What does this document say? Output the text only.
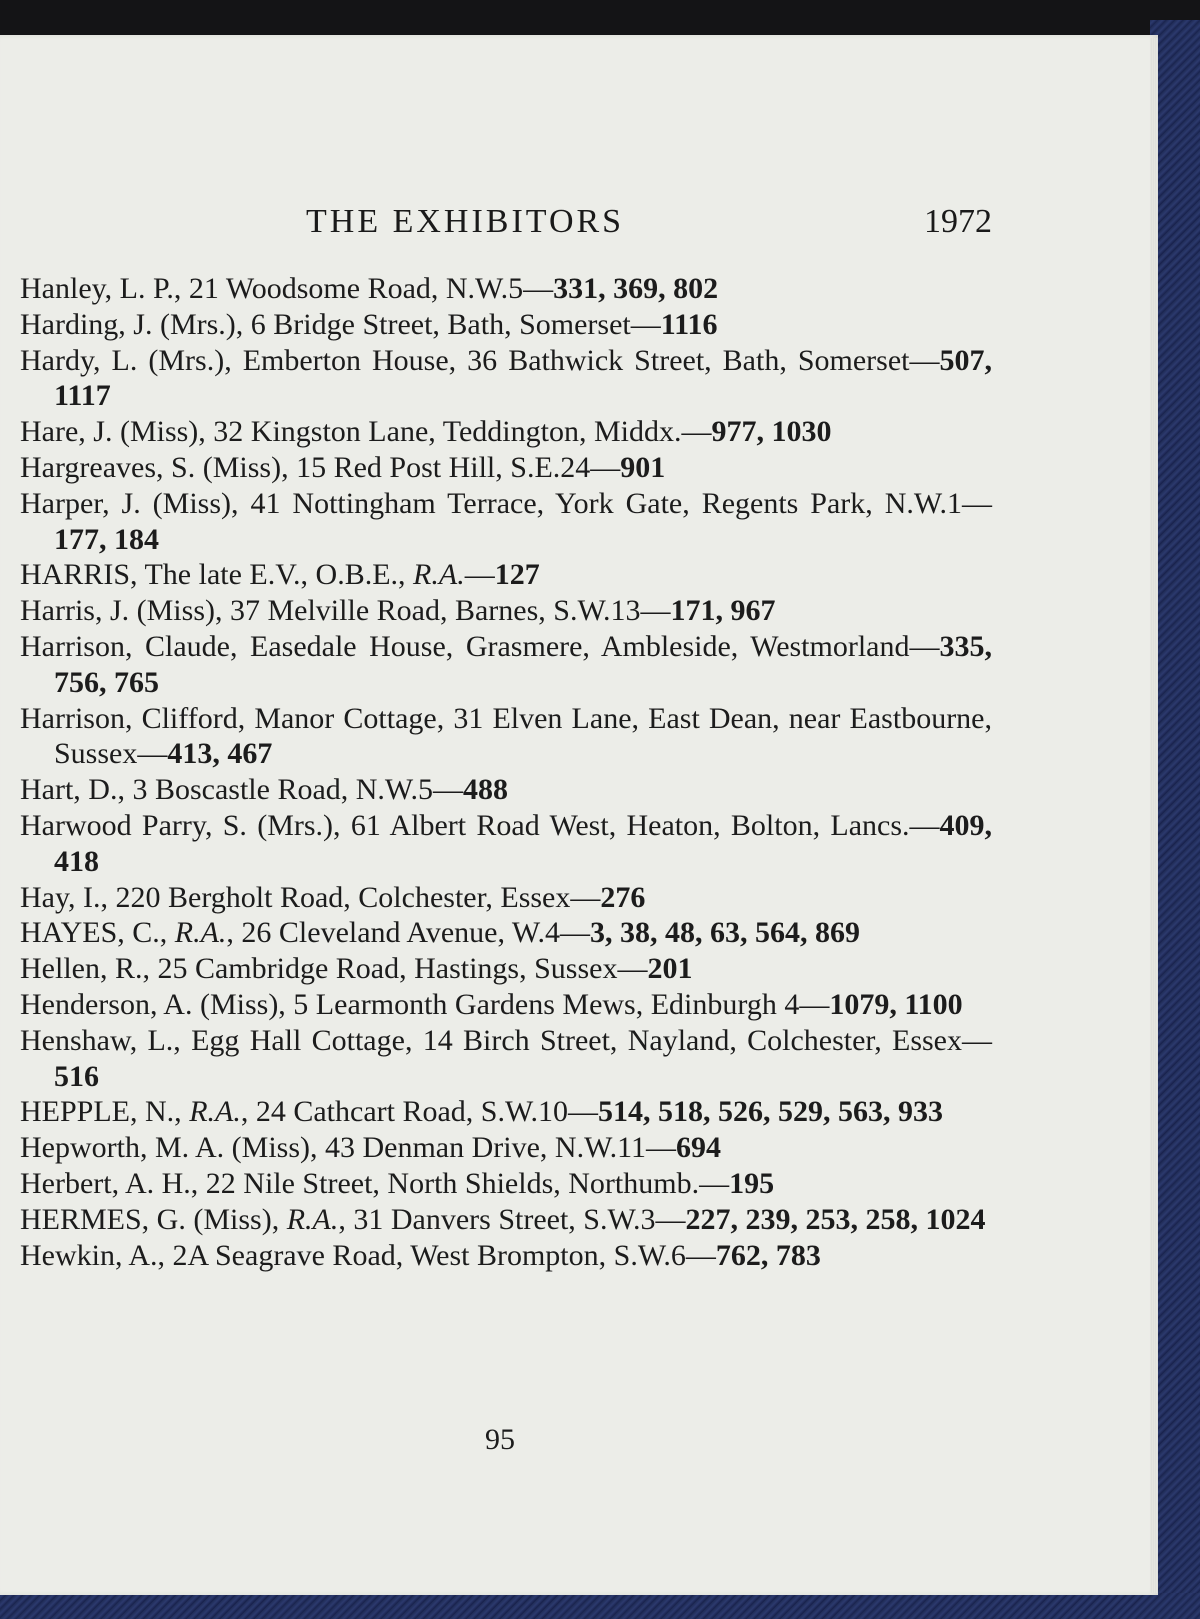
THE EXHIBITORS	1972
Hanley, L. P., 21 Woodsome Road, N.W.5—331, 369, 802
Harding, J. (Mrs.), 6 Bridge Street, Bath, Somerset—1116
Hardy, L. (Mrs.), Emberton House, 36 Bathwick Street, Bath, Somerset—507, 1117
Hare, J. (Miss), 32 Kingston Lane, Teddington, Middx.—977, 1030
Hargreaves, S. (Miss), 15 Red Post Hill, S.E.24—901
Harper, J. (Miss), 41 Nottingham Terrace, York Gate, Regents Park, N.W.1—177, 184
HARRIS, The late E.V., O.B.E., R.A.—127
Harris, J. (Miss), 37 Melville Road, Barnes, S.W.13—171, 967
Harrison, Claude, Easedale House, Grasmere, Ambleside, Westmorland—335, 756, 765
Harrison, Clifford, Manor Cottage, 31 Elven Lane, East Dean, near Eastbourne, Sussex—413, 467
Hart, D., 3 Boscastle Road, N.W.5—488
Harwood Parry, S. (Mrs.), 61 Albert Road West, Heaton, Bolton, Lancs.—409, 418
Hay, I., 220 Bergholt Road, Colchester, Essex—276
HAYES, C., R.A., 26 Cleveland Avenue, W.4—3, 38, 48, 63, 564, 869
Hellen, R., 25 Cambridge Road, Hastings, Sussex—201
Henderson, A. (Miss), 5 Learmonth Gardens Mews, Edinburgh 4—1079, 1100
Henshaw, L., Egg Hall Cottage, 14 Birch Street, Nayland, Colchester, Essex—516
HEPPLE, N., R.A., 24 Cathcart Road, S.W.10—514, 518, 526, 529, 563, 933
Hepworth, M. A. (Miss), 43 Denman Drive, N.W.11—694
Herbert, A. H., 22 Nile Street, North Shields, Northumb.—195
HERMES, G. (Miss), R.A., 31 Danvers Street, S.W.3—227, 239, 253, 258, 1024
Hewkin, A., 2A Seagrave Road, West Brompton, S.W.6—762, 783
95
